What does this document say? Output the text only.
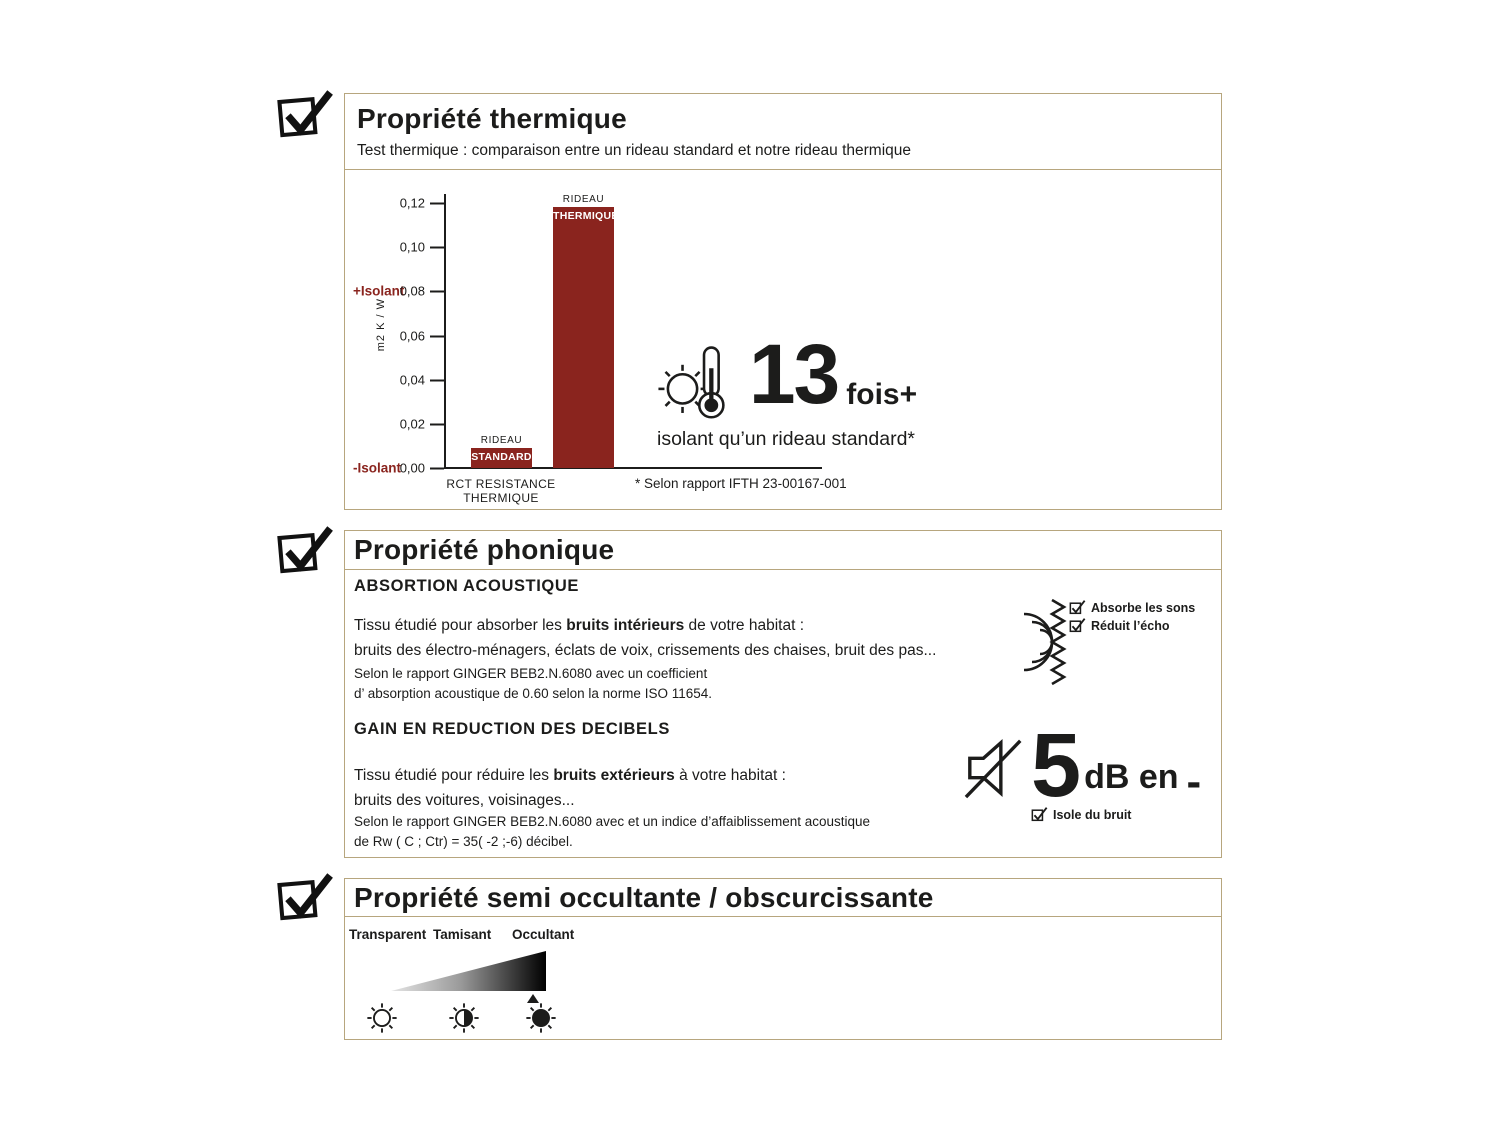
Propriété thermique

Test thermique : comparaison entre un rideau standard et notre rideau thermique

+Isolant
-Isolant
m2 K / W
0,12
0,10
0,08
0,06
0,04
0,02
0,00
RIDEAU
STANDARD
RIDEAU
THERMIQUE
RCT RESISTANCE THERMIQUE
* Selon rapport IFTH 23-00167-001
13 fois+
isolant qu’un rideau standard*
Propriété phonique
ABSORTION ACOUSTIQUE
Tissu étudié pour absorber les bruits intérieurs de votre habitat :
bruits des électro-ménagers, éclats de voix, crissements des chaises, bruit des pas...
Selon le rapport GINGER BEB2.N.6080 avec un coefficient
d’ absorption acoustique de 0.60 selon la norme ISO 11654.
GAIN EN REDUCTION DES DECIBELS
Tissu étudié pour réduire les bruits extérieurs à votre habitat :
bruits des voitures, voisinages...
Selon le rapport GINGER BEB2.N.6080 avec et un indice d’affaiblissement acoustique
de Rw ( C ; Ctr) = 35( -2 ;-6) décibel.
Absorbe les sons
Réduit l’écho
5 dB en -
Isole du bruit
Propriété semi occultante / obscurcissante
Transparent Tamisant Occultant
